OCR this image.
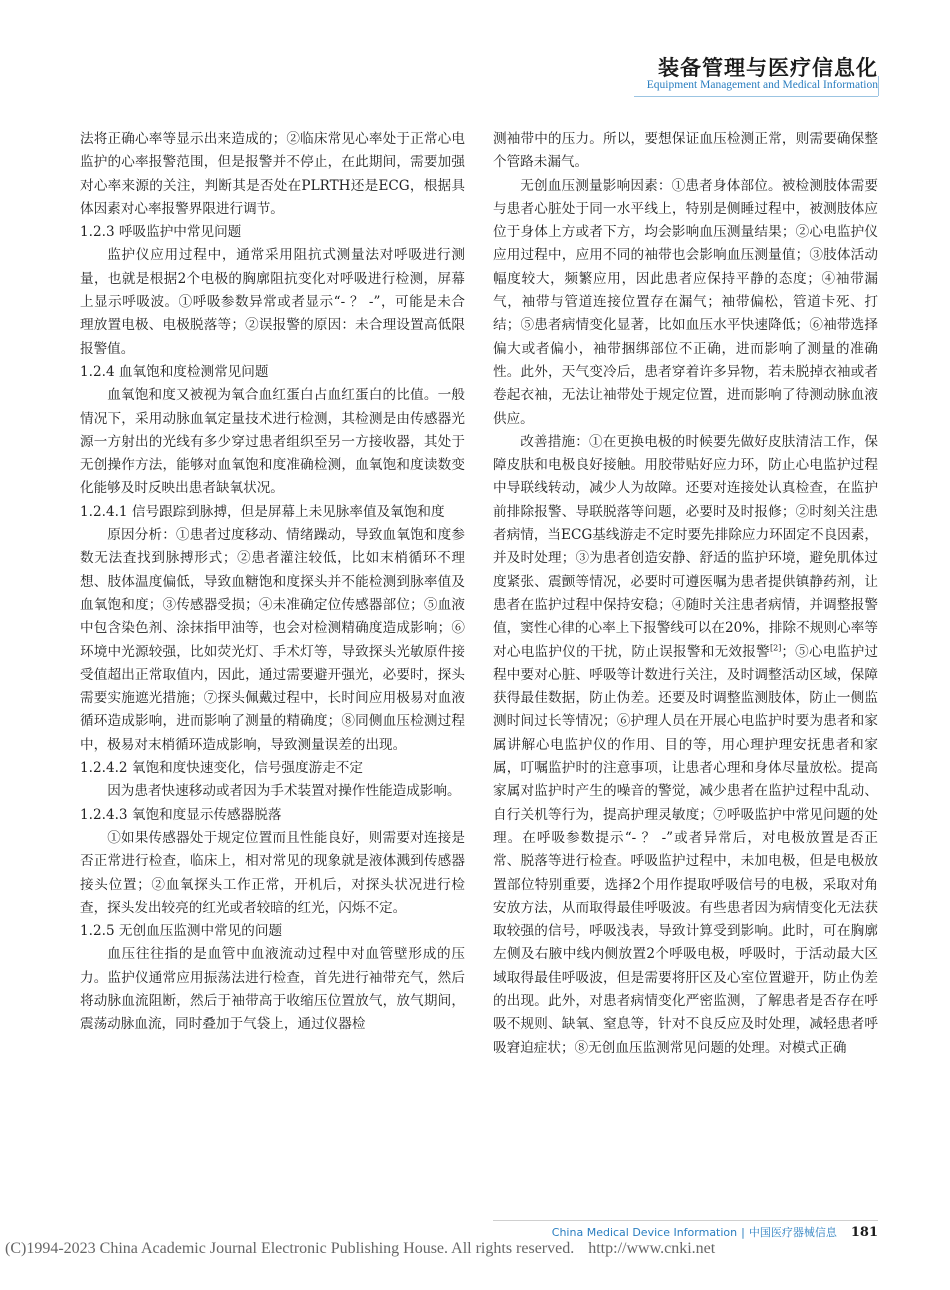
装备管理与医疗信息化
Equipment Management and Medical Information

法将正确心率等显示出来造成的；②临床常见心率处于正常心电监护的心率报警范围，但是报警并不停止，在此期间，需要加强对心率来源的关注，判断其是否处在PLRTH还是ECG，根据具体因素对心率报警界限进行调节。

1.2.3 呼吸监护中常见问题

监护仪应用过程中，通常采用阻抗式测量法对呼吸进行测量，也就是根据2个电极的胸廓阻抗变化对呼吸进行检测，屏幕上显示呼吸波。①呼吸参数异常或者显示“- ？ -”，可能是未合理放置电极、电极脱落等；②误报警的原因：未合理设置高低限报警值。

1.2.4 血氧饱和度检测常见问题

血氧饱和度又被视为氧合血红蛋白占血红蛋白的比值。一般情况下，采用动脉血氧定量技术进行检测，其检测是由传感器光源一方射出的光线有多少穿过患者组织至另一方接收器，其处于无创操作方法，能够对血氧饱和度准确检测，血氧饱和度读数变化能够及时反映出患者缺氧状况。

1.2.4.1 信号跟踪到脉搏，但是屏幕上未见脉率值及氧饱和度

原因分析：①患者过度移动、情绪躁动，导致血氧饱和度参数无法査找到脉搏形式；②患者灌注较低，比如末梢循环不理想、肢体温度偏低，导致血糖饱和度探头并不能检测到脉率值及血氧饱和度；③传感器受损；④未准确定位传感器部位；⑤血液中包含染色剂、涂抹指甲油等，也会对检测精确度造成影响；⑥环境中光源较强，比如荧光灯、手术灯等，导致探头光敏原件接受值超出正常取值内，因此，通过需要避开强光，必要时，探头需要实施遮光措施；⑦探头佩戴过程中，长时间应用极易对血液循环造成影响，进而影响了测量的精确度；⑧同侧血压检测过程中，极易对末梢循环造成影响，导致测量误差的出现。

1.2.4.2 氧饱和度快速变化，信号强度游走不定

因为患者快速移动或者因为手术装置对操作性能造成影响。

1.2.4.3 氧饱和度显示传感器脱落

①如果传感器处于规定位置而且性能良好，则需要对连接是否正常进行检查，临床上，相对常见的现象就是液体溅到传感器接头位置；②血氧探头工作正常，开机后，对探头状况进行检查，探头发出较亮的红光或者较暗的红光，闪烁不定。

1.2.5 无创血压监测中常见的问题

血压往往指的是血管中血液流动过程中对血管壁形成的压力。监护仪通常应用振荡法进行检查，首先进行袖带充气，然后将动脉血流阻断，然后于袖带高于收缩压位置放气，放气期间，震荡动脉血流，同时叠加于气袋上，通过仪器检

测袖带中的压力。所以，要想保证血压检测正常，则需要确保整个管路未漏气。

无创血压测量影响因素：①患者身体部位。被检测肢体需要与患者心脏处于同一水平线上，特别是侧睡过程中，被测肢体应位于身体上方或者下方，均会影响血压测量结果；②心电监护仪应用过程中，应用不同的袖带也会影响血压测量值；③肢体活动幅度较大，频繁应用，因此患者应保持平静的态度；④袖带漏气，袖带与管道连接位置存在漏气；袖带偏松，管道卡死、打结；⑤患者病情变化显著，比如血压水平快速降低；⑥袖带选择偏大或者偏小，袖带捆绑部位不正确，进而影响了测量的准确性。此外，天气变冷后，患者穿着许多异物，若未脱掉衣袖或者卷起衣袖，无法让袖带处于规定位置，进而影响了待测动脉血液供应。

改善措施：①在更换电极的时候要先做好皮肤清洁工作，保障皮肤和电极良好接触。用胶带贴好应力环，防止心电监护过程中导联线转动，减少人为故障。还要对连接处认真检查，在监护前排除报警、导联脱落等问题，必要时及时报修；②时刻关注患者病情，当ECG基线游走不定时要先排除应力环固定不良因素，并及时处理；③为患者创造安静、舒适的监护环境，避免肌体过度紧张、震颤等情况，必要时可遵医嘱为患者提供镇静药剂，让患者在监护过程中保持安稳；④随时关注患者病情，并调整报警值，窦性心律的心率上下报警线可以在20%，排除不规则心率等对心电监护仪的干扰，防止误报警和无效报警[2]；⑤心电监护过程中要对心脏、呼吸等计数进行关注，及时调整活动区域，保障获得最佳数据，防止伪差。还要及时调整监测肢体，防止一侧监测时间过长等情况；⑥护理人员在开展心电监护时要为患者和家属讲解心电监护仪的作用、目的等，用心理护理安抚患者和家属，叮嘱监护时的注意事项，让患者心理和身体尽量放松。提高家属对监护时产生的噪音的警觉，减少患者在监护过程中乱动、自行关机等行为，提高护理灵敏度；⑦呼吸监护中常见问题的处理。在呼吸参数提示“- ？ -”或者异常后，对电极放置是否正常、脱落等进行检查。呼吸监护过程中，未加电极，但是电极放置部位特别重要，选择2个用作提取呼吸信号的电极，采取对角安放方法，从而取得最佳呼吸波。有些患者因为病情变化无法获取较强的信号，呼吸浅表，导致计算受到影响。此时，可在胸廓左侧及右腋中线内侧放置2个呼吸电极，呼吸时，于活动最大区域取得最佳呼吸波，但是需要将肝区及心室位置避开，防止伪差的出现。此外，对患者病情变化严密监测，了解患者是否存在呼吸不规则、缺氧、窒息等，针对不良反应及时处理，减轻患者呼吸窘迫症状；⑧无创血压监测常见问题的处理。对模式正确

China Medical Device Information | 中国医疗器械信息 181
(C)1994-2023 China Academic Journal Electronic Publishing House. All rights reserved. http://www.cnki.net
